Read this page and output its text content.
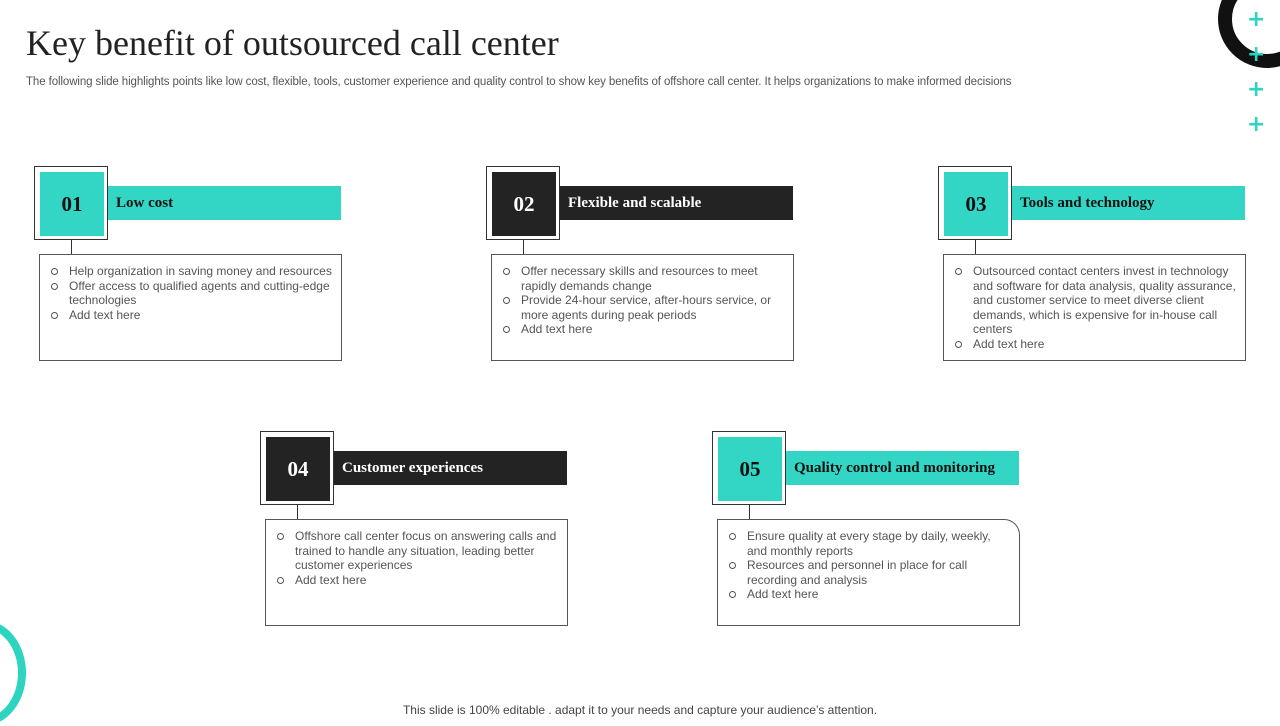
Key benefit of outsourced call center

The following slide highlights points like low cost, flexible, tools, customer experience and quality control to show key benefits of offshore call center. It helps organizations to make informed decisions

+
+
+
+
01	Low cost
Help organization in saving money and resources
Offer access to qualified agents and cutting-edge technologies
Add text here
02	Flexible and scalable
Offer necessary skills and resources to meet rapidly demands change
Provide 24-hour service, after-hours service, or more agents during peak periods
Add text here
03	Tools and technology
Outsourced contact centers invest in technology and software for data analysis, quality assurance, and customer service to meet diverse client demands, which is expensive for in-house call centers
Add text here
04	Customer experiences
Offshore call center focus on answering calls and trained to handle any situation, leading better customer experiences
Add text here
05	Quality control and monitoring
Ensure quality at every stage by daily, weekly, and monthly reports
Resources and personnel in place for call recording and analysis
Add text here
This slide is 100% editable . adapt it to your needs and capture your audience’s attention.
